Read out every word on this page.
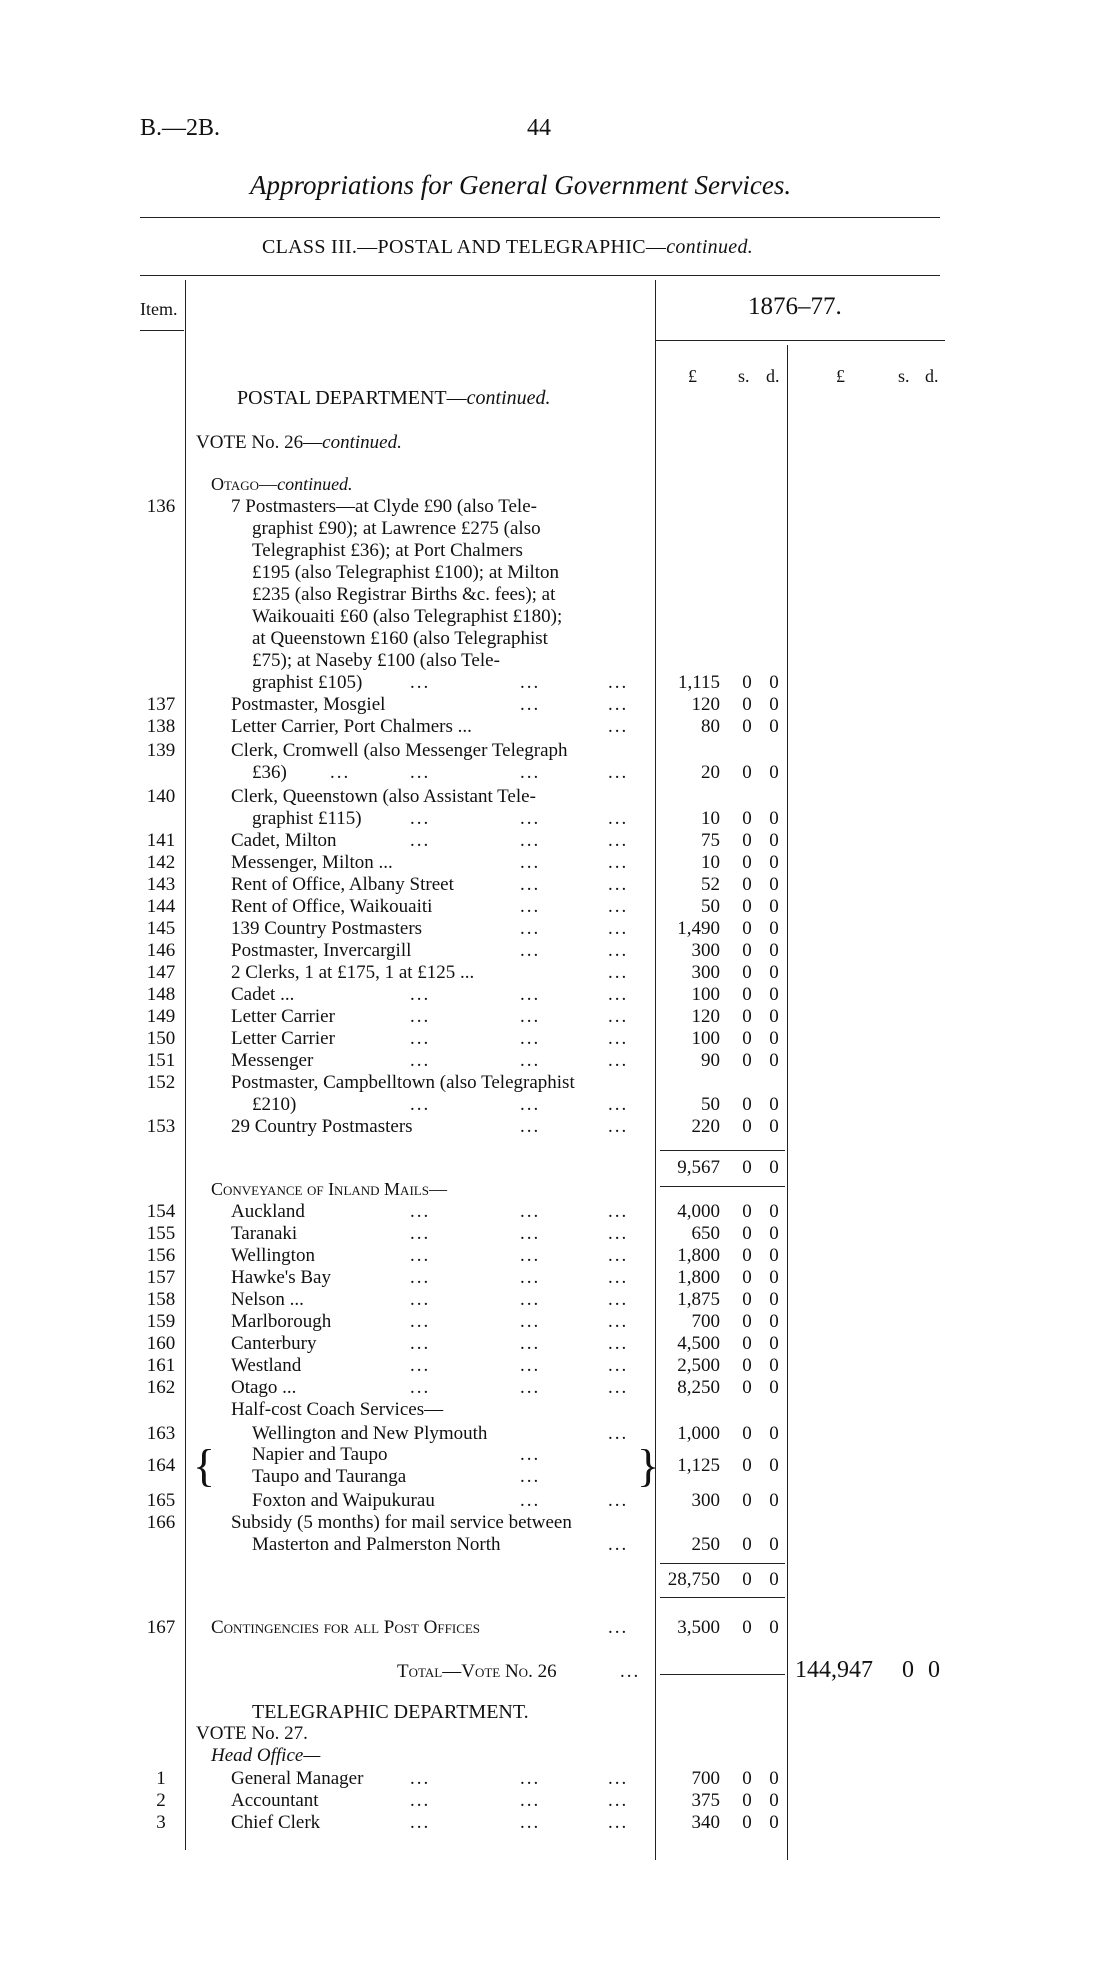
B.—2B.	44
Appropriations for General Government Services.
CLASS III.—POSTAL AND TELEGRAPHIC—continued.
Item.	1876–77.
£ s. d.	£	s. d.
POSTAL DEPARTMENT—continued.
VOTE No. 26—continued.
Otago—continued.
136	7 Postmasters—at Clyde £90 (also Tele-
graphist £90); at Lawrence £275 (also
Telegraphist £36); at Port Chalmers
£195 (also Telegraphist £100); at Milton
£235 (also Registrar Births &c. fees); at
Waikouaiti £60 (also Telegraphist £180);
at Queenstown £160 (also Telegraphist
£75); at Naseby £100 (also Tele-
graphist £105)	...	...	...	1,115 0 0
137	Postmaster, Mosgiel	...	...	120 0 0
138	Letter Carrier, Port Chalmers ...	...	80 0 0
139	Clerk, Cromwell (also Messenger Telegraph
£36) ...	...	...	...	20 0 0
140	Clerk, Queenstown (also Assistant Tele-
graphist £115)	...	...	...	10 0 0
141	Cadet, Milton	...	...	...	75 0 0
142	Messenger, Milton ...	...	...	10 0 0
143	Rent of Office, Albany Street	...	...	52 0 0
144	Rent of Office, Waikouaiti	...	...	50 0 0
145	139 Country Postmasters	...	...	1,490 0 0
146	Postmaster, Invercargill	...	...	300 0 0
147	2 Clerks, 1 at £175, 1 at £125 ...	...	300 0 0
148	Cadet ...	...	...	...	100 0 0
149	Letter Carrier	...	...	...	120 0 0
150	Letter Carrier	...	...	...	100 0 0
151	Messenger	...	...	...	90 0 0
152	Postmaster, Campbelltown (also Telegraphist
£210)	...	...	...	50 0 0
153	29 Country Postmasters	...	...	220 0 0
9,567 0 0
Conveyance of Inland Mails—
154	Auckland	...	...	...	4,000 0 0
155	Taranaki	...	...	...	650 0 0
156	Wellington	...	...	...	1,800 0 0
157	Hawke's Bay	...	...	...	1,800 0 0
158	Nelson ...	...	...	...	1,875 0 0
159	Marlborough	...	...	...	700 0 0
160	Canterbury	...	...	...	4,500 0 0
161	Westland	...	...	...	2,500 0 0
162	Otago ...	...	...	...	8,250 0 0
Half-cost Coach Services—
163	Wellington and New Plymouth	...	1,000 0 0
{	}
Napier and Taupo	...
164	1,125 0 0
Taupo and Tauranga	...
165	Foxton and Waipukurau	...	...	300 0 0
166	Subsidy (5 months) for mail service between
Masterton and Palmerston North	...	250 0 0
28,750 0 0
167	Contingencies for all Post Offices	...	3,500 0 0
Total—Vote No. 26	...	144,947 0 0
TELEGRAPHIC DEPARTMENT.
VOTE No. 27.
Head Office—
1	General Manager ...	...	...	700 0 0
2	Accountant	...	...	...	375 0 0
3	Chief Clerk	...	...	...	340 0 0
